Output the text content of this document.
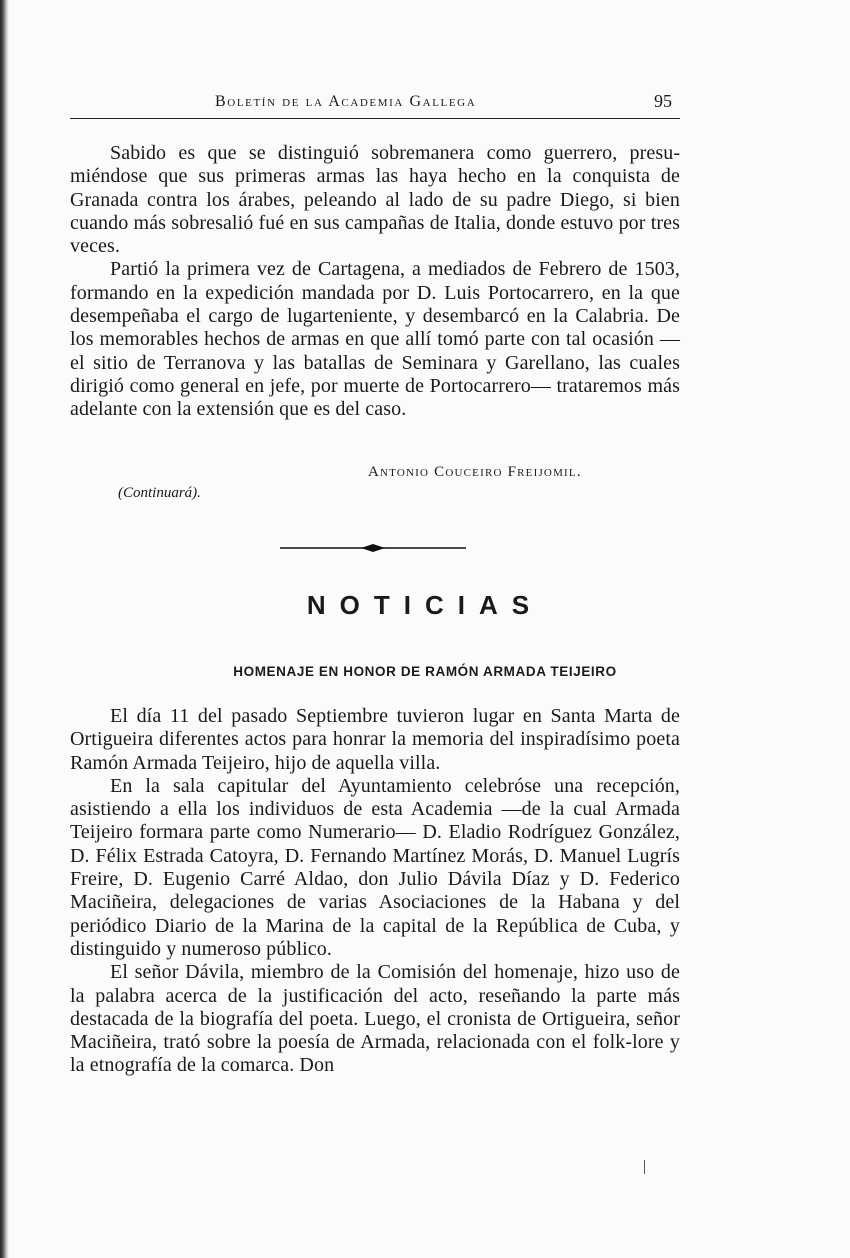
Boletín de la Academia Gallega	95

Sabido es que se distinguió sobremanera como guerrero, presumiéndose que sus primeras armas las haya hecho en la conquista de Granada contra los árabes, peleando al lado de su padre Diego, si bien cuando más sobresalió fué en sus campañas de Italia, donde estuvo por tres veces.

Partió la primera vez de Cartagena, a mediados de Febrero de 1503, formando en la expedición mandada por D. Luis Portocarrero, en la que desempeñaba el cargo de lugarteniente, y desembarcó en la Calabria. De los memorables hechos de armas en que allí tomó parte con tal ocasión —el sitio de Terranova y las batallas de Seminara y Garellano, las cuales dirigió como general en jefe, por muerte de Portocarrero— trataremos más adelante con la extensión que es del caso.

Antonio Couceiro Freijomil.
(Continuará).
NOTICIAS
HOMENAJE EN HONOR DE RAMÓN ARMADA TEIJEIRO

El día 11 del pasado Septiembre tuvieron lugar en Santa Marta de Ortigueira diferentes actos para honrar la memoria del inspiradísimo poeta Ramón Armada Teijeiro, hijo de aquella villa.

En la sala capitular del Ayuntamiento celebróse una recepción, asistiendo a ella los individuos de esta Academia —de la cual Armada Teijeiro formara parte como Numerario— D. Eladio Rodríguez González, D. Félix Estrada Catoyra, D. Fernando Martínez Morás, D. Manuel Lugrís Freire, D. Eugenio Carré Aldao, don Julio Dávila Díaz y D. Federico Maciñeira, delegaciones de varias Asociaciones de la Habana y del periódico Diario de la Marina de la capital de la República de Cuba, y distinguido y numeroso público.

El señor Dávila, miembro de la Comisión del homenaje, hizo uso de la palabra acerca de la justificación del acto, reseñando la parte más destacada de la biografía del poeta. Luego, el cronista de Ortigueira, señor Maciñeira, trató sobre la poesía de Armada, relacionada con el folk-lore y la etnografía de la comarca. Don
